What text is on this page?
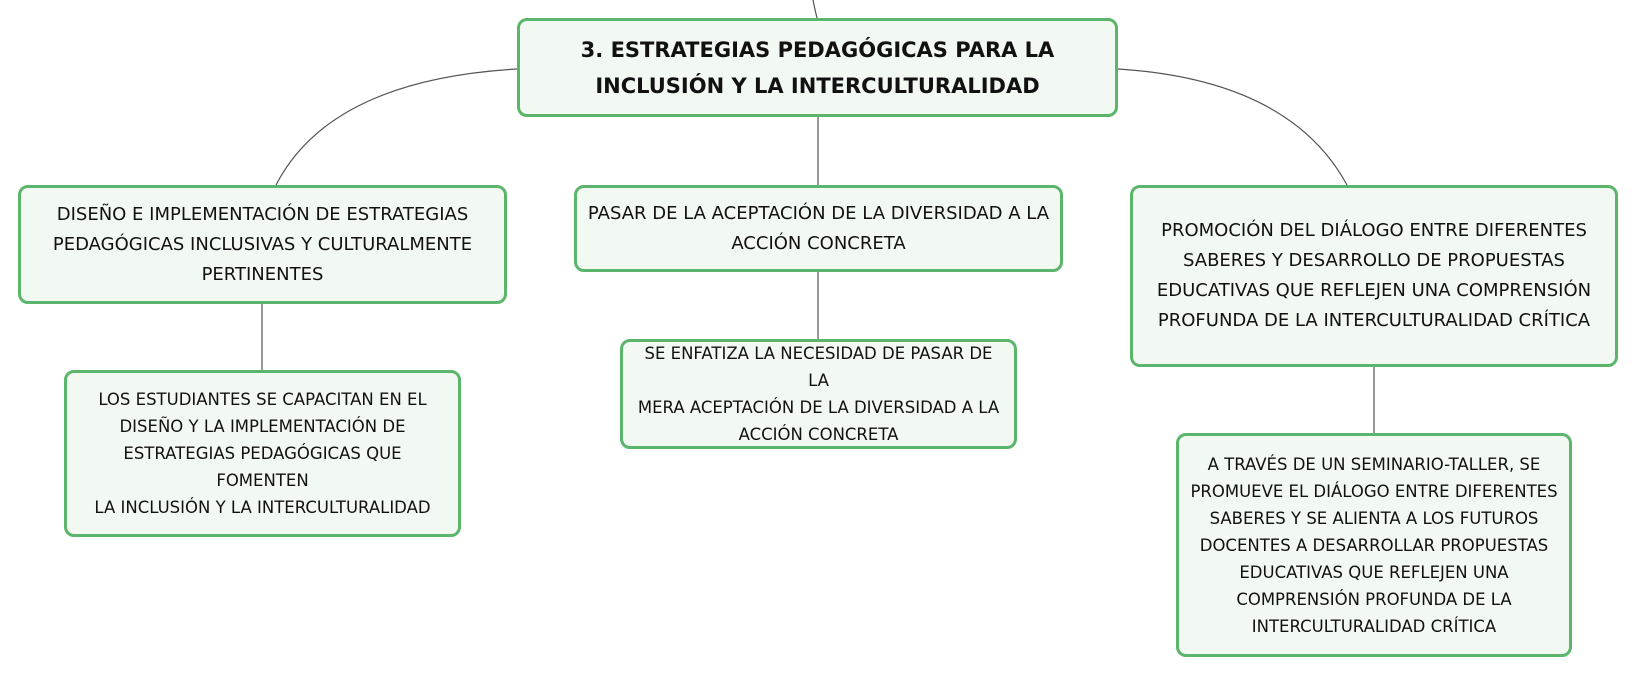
3. ESTRATEGIAS PEDAGÓGICAS PARA LA
INCLUSIÓN Y LA INTERCULTURALIDAD
DISEÑO E IMPLEMENTACIÓN DE ESTRATEGIAS
PEDAGÓGICAS INCLUSIVAS Y CULTURALMENTE
PERTINENTES
PASAR DE LA ACEPTACIÓN DE LA DIVERSIDAD A LA
ACCIÓN CONCRETA
PROMOCIÓN DEL DIÁLOGO ENTRE DIFERENTES
SABERES Y DESARROLLO DE PROPUESTAS
EDUCATIVAS QUE REFLEJEN UNA COMPRENSIÓN
PROFUNDA DE LA INTERCULTURALIDAD CRÍTICA
LOS ESTUDIANTES SE CAPACITAN EN EL
DISEÑO Y LA IMPLEMENTACIÓN DE
ESTRATEGIAS PEDAGÓGICAS QUE FOMENTEN
LA INCLUSIÓN Y LA INTERCULTURALIDAD
SE ENFATIZA LA NECESIDAD DE PASAR DE LA
MERA ACEPTACIÓN DE LA DIVERSIDAD A LA
ACCIÓN CONCRETA
A TRAVÉS DE UN SEMINARIO-TALLER, SE
PROMUEVE EL DIÁLOGO ENTRE DIFERENTES
SABERES Y SE ALIENTA A LOS FUTUROS
DOCENTES A DESARROLLAR PROPUESTAS
EDUCATIVAS QUE REFLEJEN UNA
COMPRENSIÓN PROFUNDA DE LA
INTERCULTURALIDAD CRÍTICA
